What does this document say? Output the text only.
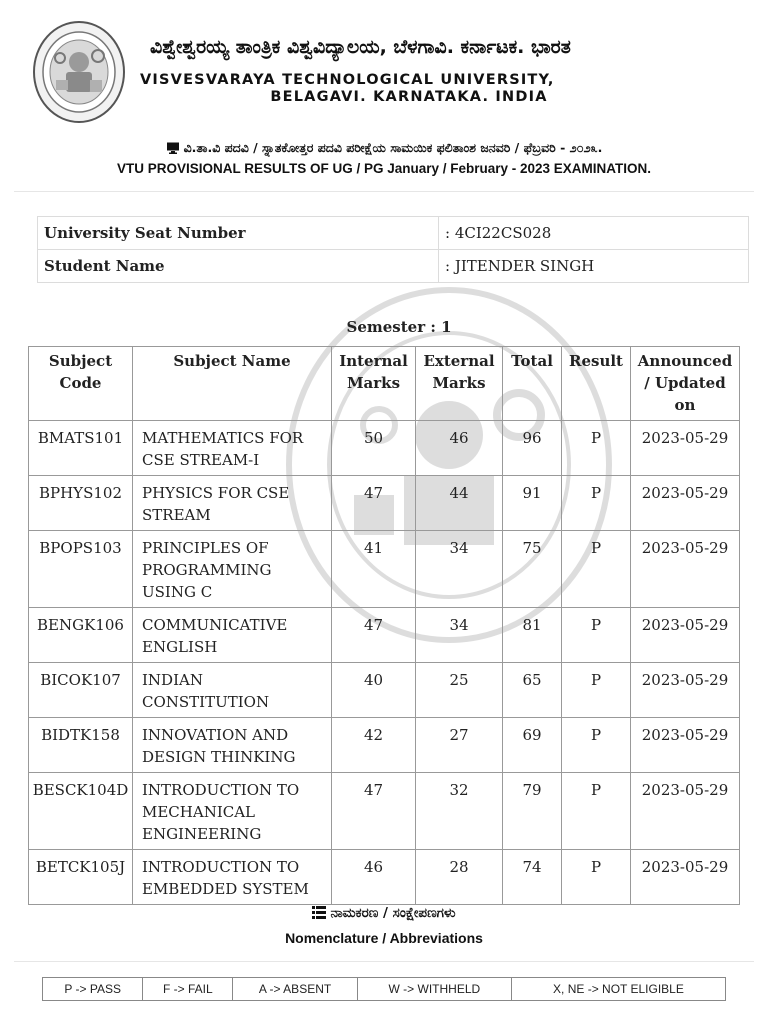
ವಿಶ್ವೇಶ್ವರಯ್ಯ ತಾಂತ್ರಿಕ ವಿಶ್ವವಿದ್ಯಾಲಯ, ಬೆಳಗಾವಿ. ಕರ್ನಾಟಕ. ಭಾರತ
VISVESVARAYA TECHNOLOGICAL UNIVERSITY,
BELAGAVI. KARNATAKA. INDIA
ವಿ.ತಾ.ವಿ ಪದವಿ / ಸ್ನಾತಕೋತ್ತರ ಪದವಿ ಪರೀಕ್ಷೆಯ ಸಾಮಯಿಕ ಫಲಿತಾಂಶ ಜನವರಿ / ಫೆಬ್ರವರಿ - ೨೦೨೩.
VTU PROVISIONAL RESULTS OF UG / PG January / February - 2023 EXAMINATION.
University Seat Number	: 4CI22CS028
Student Name	: JITENDER SINGH
Semester : 1
Subject Code	Subject Name	Internal Marks	External Marks	Total	Result	Announced / Updated on
BMATS101	MATHEMATICS FOR CSE STREAM-I	50	46	96	P	2023-05-29
BPHYS102	PHYSICS FOR CSE STREAM	47	44	91	P	2023-05-29
BPOPS103	PRINCIPLES OF PROGRAMMING USING C	41	34	75	P	2023-05-29
BENGK106	COMMUNICATIVE ENGLISH	47	34	81	P	2023-05-29
BICOK107	INDIAN CONSTITUTION	40	25	65	P	2023-05-29
BIDTK158	INNOVATION AND DESIGN THINKING	42	27	69	P	2023-05-29
BESCK104D	INTRODUCTION TO MECHANICAL ENGINEERING	47	32	79	P	2023-05-29
BETCK105J	INTRODUCTION TO EMBEDDED SYSTEM	46	28	74	P	2023-05-29
ನಾಮಕರಣ / ಸಂಕ್ಷೇಪಣಗಳು
Nomenclature / Abbreviations
P -> PASS	F -> FAIL	A -> ABSENT	W -> WITHHELD	X, NE -> NOT ELIGIBLE
